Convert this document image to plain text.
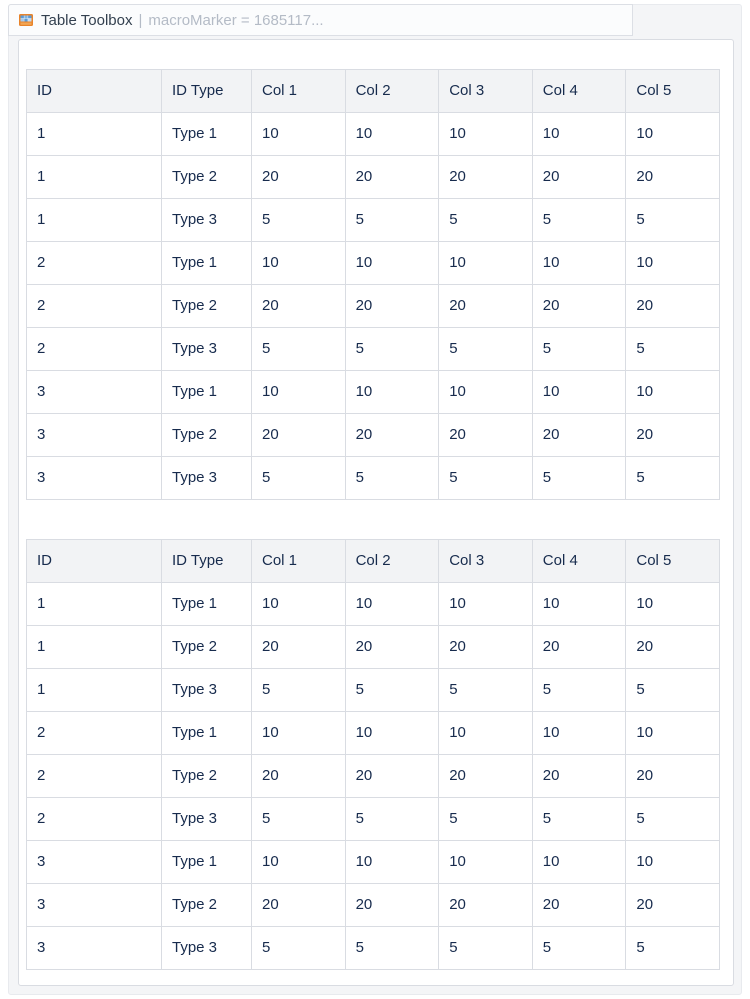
Table Toolbox | macroMarker = 1685117...
ID	ID Type	Col 1	Col 2	Col 3	Col 4	Col 5
1	Type 1	10	10	10	10	10
1	Type 2	20	20	20	20	20
1	Type 3	5	5	5	5	5
2	Type 1	10	10	10	10	10
2	Type 2	20	20	20	20	20
2	Type 3	5	5	5	5	5
3	Type 1	10	10	10	10	10
3	Type 2	20	20	20	20	20
3	Type 3	5	5	5	5	5
ID	ID Type	Col 1	Col 2	Col 3	Col 4	Col 5
1	Type 1	10	10	10	10	10
1	Type 2	20	20	20	20	20
1	Type 3	5	5	5	5	5
2	Type 1	10	10	10	10	10
2	Type 2	20	20	20	20	20
2	Type 3	5	5	5	5	5
3	Type 1	10	10	10	10	10
3	Type 2	20	20	20	20	20
3	Type 3	5	5	5	5	5
